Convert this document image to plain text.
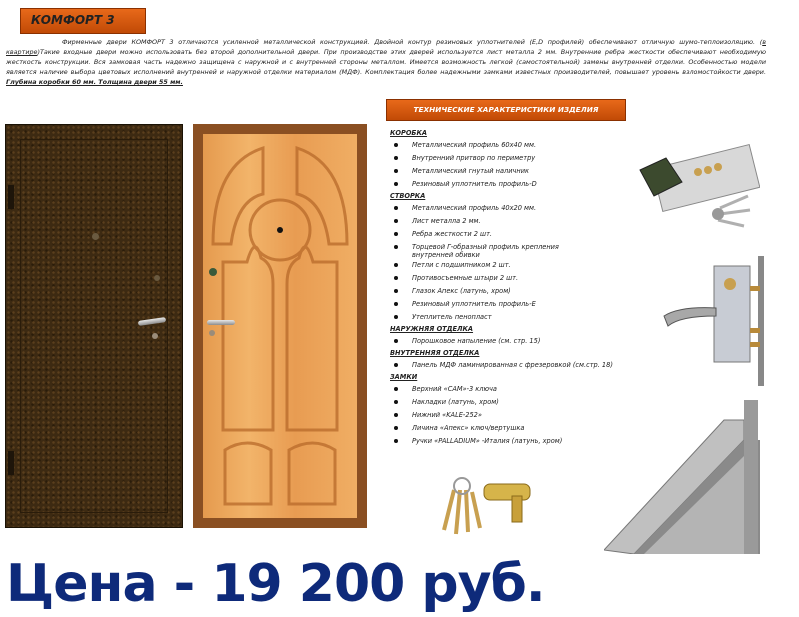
КОМФОРТ 3
Фирменные двери КОМФОРТ 3 отличаются усиленной металлической конструкцией. Двойной контур резиновых уплотнителей (E,D профилей) обеспечивают отличную шумо-теплоизоляцию. (в квартире)Такие входные двери можно использовать без второй дополнительной двери. При производстве этих дверей используется лист металла 2 мм. Внутренние ребра жесткости обеспечивают необходимую жесткость конструкции. Вся замковая часть надежно защищена с наружной и с внутренней стороны металлом. Имеется возможность легкой (самостоятельной) замены внутренней отделки. Особенностью модели является наличие выбора цветовых исполнений внутренней и наружной отделки материалом (МДФ). Комплектация более надежными замками известных производителей, повышает уровень взломостойкости двери. Глубина коробки 60 мм. Толщина двери 55 мм.
ТЕХНИЧЕСКИЕ ХАРАКТЕРИСТИКИ ИЗДЕЛИЯ
КОРОБКА
Металлический профиль 60х40 мм.
Внутренний притвор по периметру
Металлический гнутый наличник
Резиновый уплотнитель профиль-D
СТВОРКА
Металлический профиль 40х20 мм.
Лист металла 2 мм.
Ребра жесткости 2 шт.
Торцевой Г-образный профиль крепления внутренней обивки
Петли с подшипником 2 шт.
Противосъемные штыри 2 шт.
Глазок Апекс (латунь, хром)
Резиновый уплотнитель профиль-E
Утеплитель пенопласт
НАРУЖНЯЯ ОТДЕЛКА
Порошковое напыление (см. стр. 15)
ВНУТРЕННЯЯ ОТДЕЛКА
Панель МДФ ламинированная с фрезеровкой (см.стр. 18)
ЗАМКИ
Верхний «CAM»-3 ключа
Накладки (латунь, хром)
Нижний «KALE-252»
Личина «Апекс» ключ/вертушка
Ручки «PALLADIUM» -Италия (латунь, хром)
Цена - 19 200 руб.
